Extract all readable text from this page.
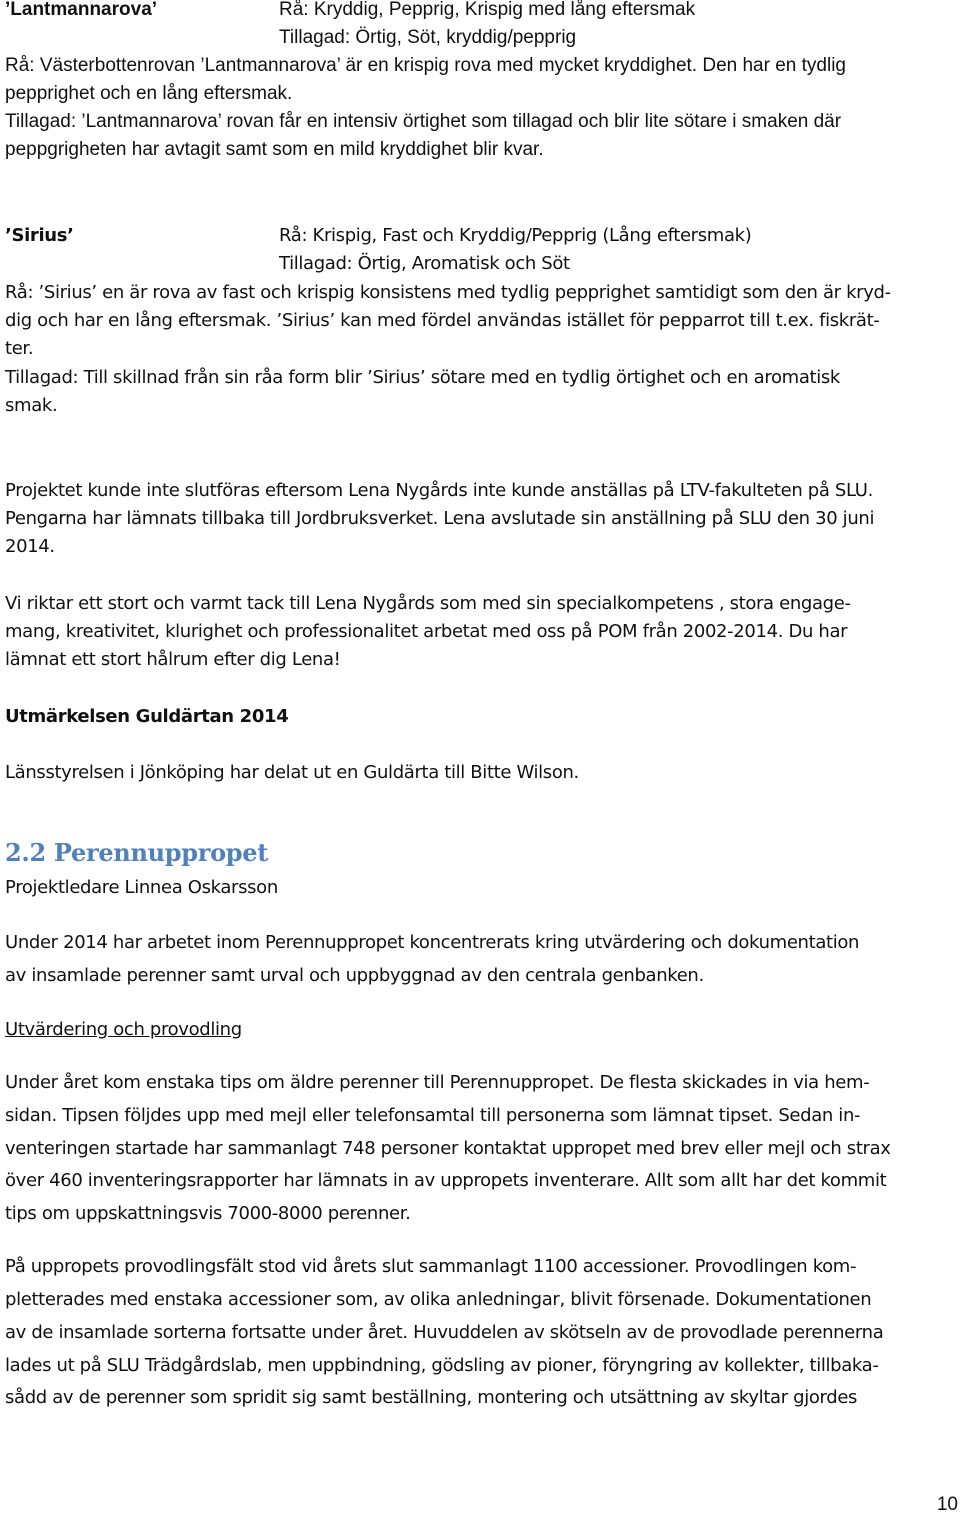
’Lantmannarova’	Rå: Kryddig, Pepprig, Krispig med lång eftersmak
Tillagad: Örtig, Söt, kryddig/pepprig
Rå: Västerbottenrovan ’Lantmannarova’ är en krispig rova med mycket kryddighet. Den har en tydlig
pepprighet och en lång eftersmak.
Tillagad: ’Lantmannarova’ rovan får en intensiv örtighet som tillagad och blir lite sötare i smaken där
peppgrigheten har avtagit samt som en mild kryddighet blir kvar.
’Sirius’	Rå: Krispig, Fast och Kryddig/Pepprig (Lång eftersmak)
Tillagad: Örtig, Aromatisk och Söt
Rå: ’Sirius’ en är rova av fast och krispig konsistens med tydlig pepprighet samtidigt som den är kryd-
dig och har en lång eftersmak. ’Sirius’ kan med fördel användas istället för pepparrot till t.ex. fiskrät-
ter.
Tillagad: Till skillnad från sin råa form blir ’Sirius’ sötare med en tydlig örtighet och en aromatisk
smak.
Projektet kunde inte slutföras eftersom Lena Nygårds inte kunde anställas på LTV-fakulteten på SLU.
Pengarna har lämnats tillbaka till Jordbruksverket. Lena avslutade sin anställning på SLU den 30 juni
2014.
Vi riktar ett stort och varmt tack till Lena Nygårds som med sin specialkompetens , stora engage-
mang, kreativitet, klurighet och professionalitet arbetat med oss på POM från 2002-2014. Du har
lämnat ett stort hålrum efter dig Lena!
Utmärkelsen Guldärtan 2014
Länsstyrelsen i Jönköping har delat ut en Guldärta till Bitte Wilson.
2.2 Perennuppropet
Projektledare Linnea Oskarsson
Under 2014 har arbetet inom Perennuppropet koncentrerats kring utvärdering och dokumentation
av insamlade perenner samt urval och uppbyggnad av den centrala genbanken.
Utvärdering och provodling
Under året kom enstaka tips om äldre perenner till Perennuppropet. De flesta skickades in via hem-
sidan. Tipsen följdes upp med mejl eller telefonsamtal till personerna som lämnat tipset. Sedan in-
venteringen startade har sammanlagt 748 personer kontaktat uppropet med brev eller mejl och strax
över 460 inventeringsrapporter har lämnats in av uppropets inventerare. Allt som allt har det kommit
tips om uppskattningsvis 7000-8000 perenner.
På uppropets provodlingsfält stod vid årets slut sammanlagt 1100 accessioner. Provodlingen kom-
pletterades med enstaka accessioner som, av olika anledningar, blivit försenade. Dokumentationen
av de insamlade sorterna fortsatte under året. Huvuddelen av skötseln av de provodlade perennerna
lades ut på SLU Trädgårdslab, men uppbindning, gödsling av pioner, föryngring av kollekter, tillbaka-
sådd av de perenner som spridit sig samt beställning, montering och utsättning av skyltar gjordes
10
